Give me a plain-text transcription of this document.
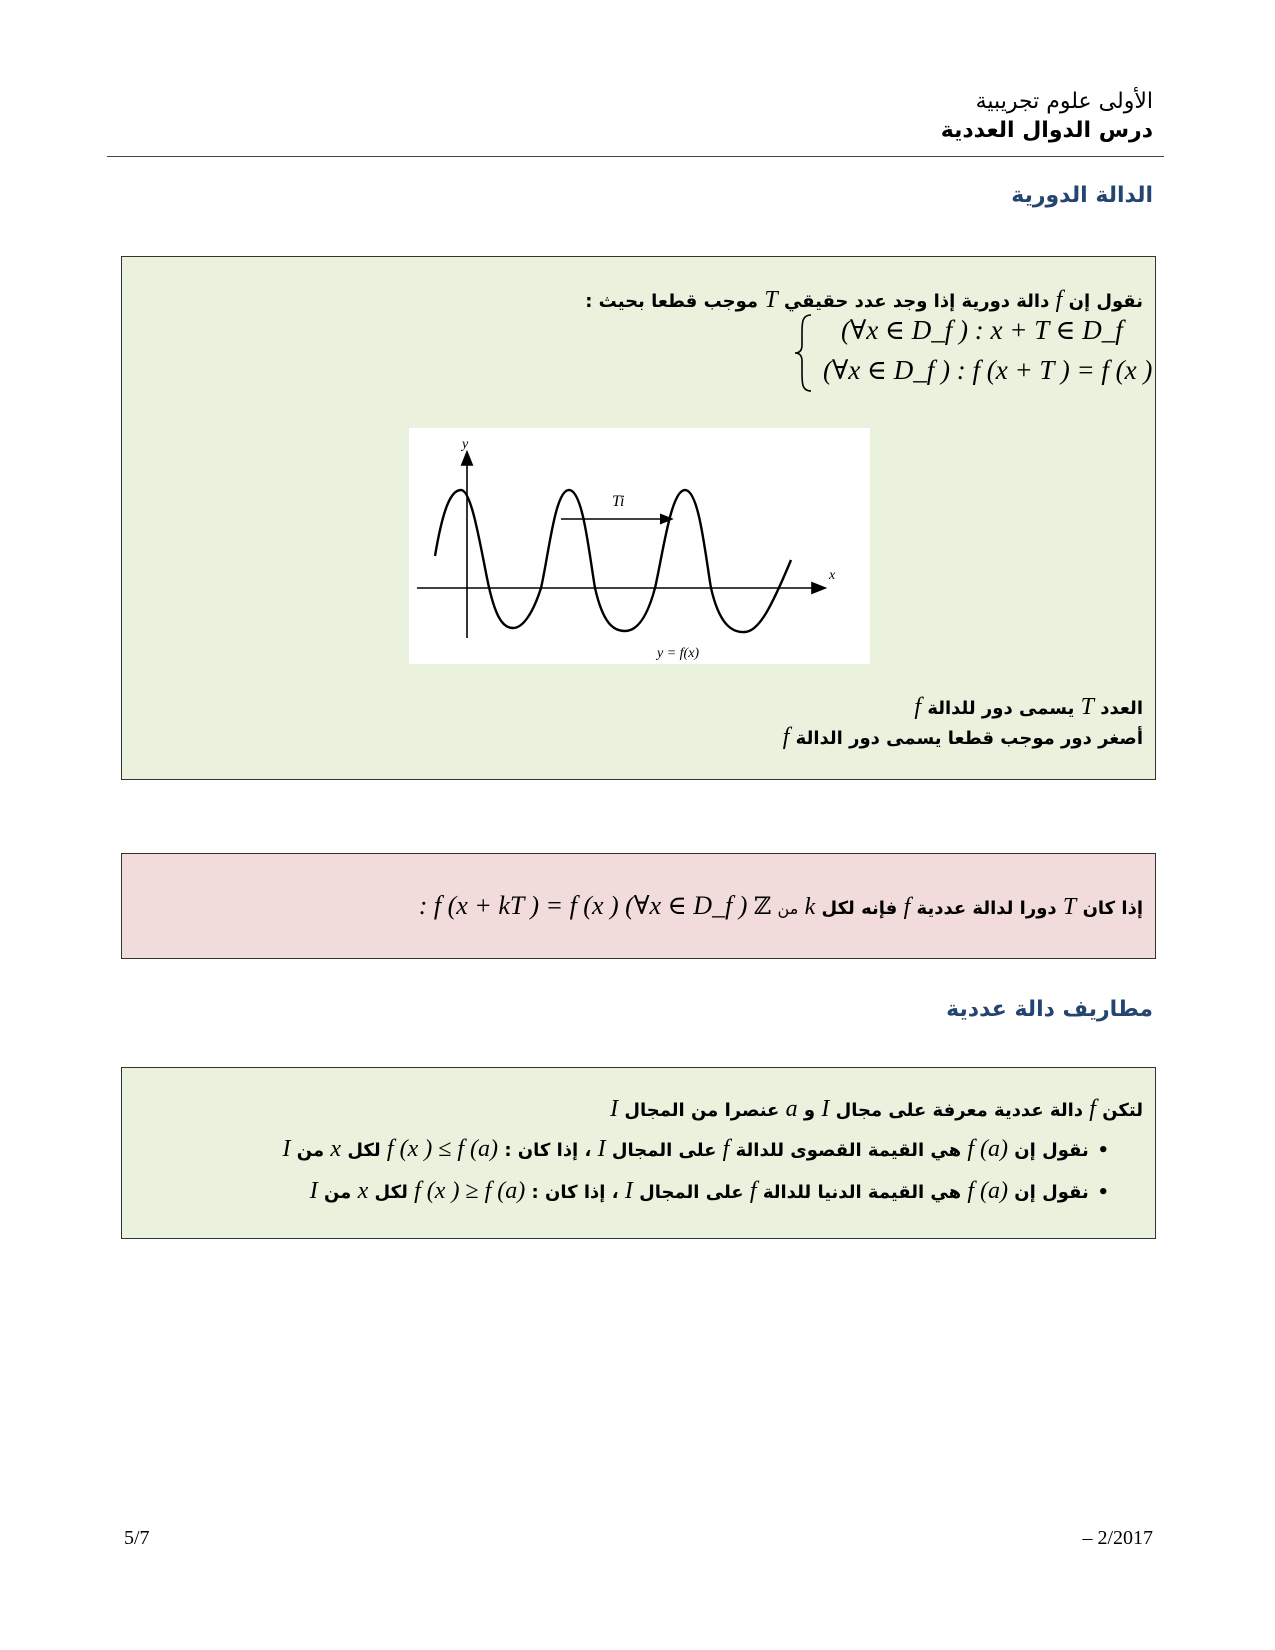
الأولى علوم تجريبية
درس الدوال العددية
الدالة الدورية
نقول إن f دالة دورية إذا وجد عدد حقيقي T موجب قطعا بحيث :
(∀x ∈ D_f ) : x + T ∈ D_f
(∀x ∈ D_f ) : f (x + T ) = f (x )
y
x
Ti
y = f(x)
العدد T يسمى دور للدالة f
أصغر دور موجب قطعا يسمى دور الدالة f
إذا كان T دورا لدالة عددية f فإنه لكل k من ℤ : f (x + kT ) = f (x ) (∀x ∈ D_f )
مطاريف دالة عددية
لتكن f دالة عددية معرفة على مجال I و a عنصرا من المجال I
• نقول إن f (a) هي القيمة القصوى للدالة f على المجال I ، إذا كان : f (x ) ≤ f (a) لكل x من I
• نقول إن f (a) هي القيمة الدنيا للدالة f على المجال I ، إذا كان : f (x ) ≥ f (a) لكل x من I
5/7	– 2/2017
